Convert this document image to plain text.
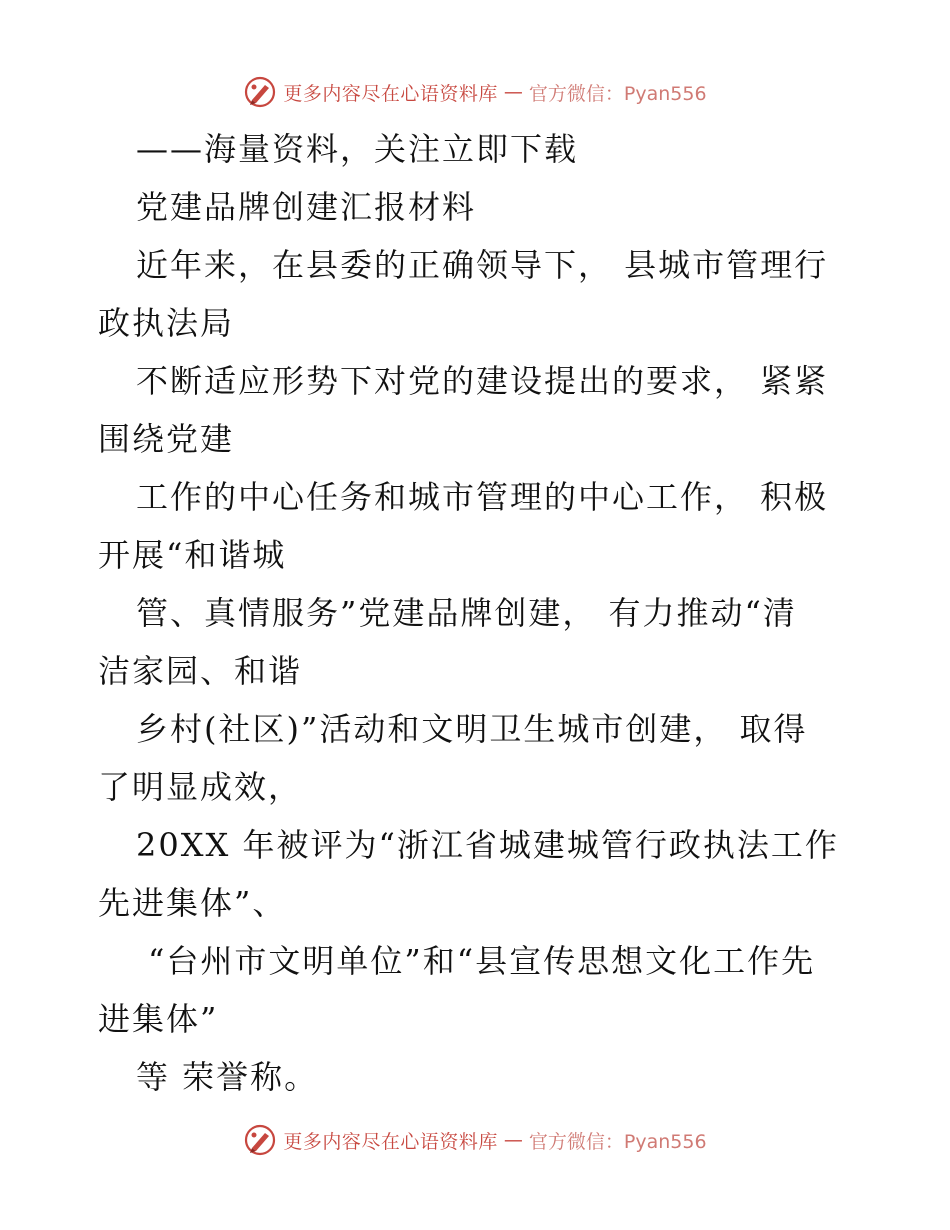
更多内容尽在心语资料库 — 官方微信：Pyan556

——海量资料，关注立即下载

党建品牌创建汇报材料

近年来，在县委的正确领导下， 县城市管理行

政执法局

不断适应形势下对党的建设提出的要求， 紧紧

围绕党建

工作的中心任务和城市管理的中心工作， 积极

开展“和谐城

管、真情服务”党建品牌创建， 有力推动“清

洁家园、和谐

乡村(社区)”活动和文明卫生城市创建， 取得

了明显成效，

20XX 年被评为“浙江省城建城管行政执法工作

先进集体”、

“台州市文明单位”和“县宣传思想文化工作先

进集体”

等 荣誉称。

更多内容尽在心语资料库 — 官方微信：Pyan556
